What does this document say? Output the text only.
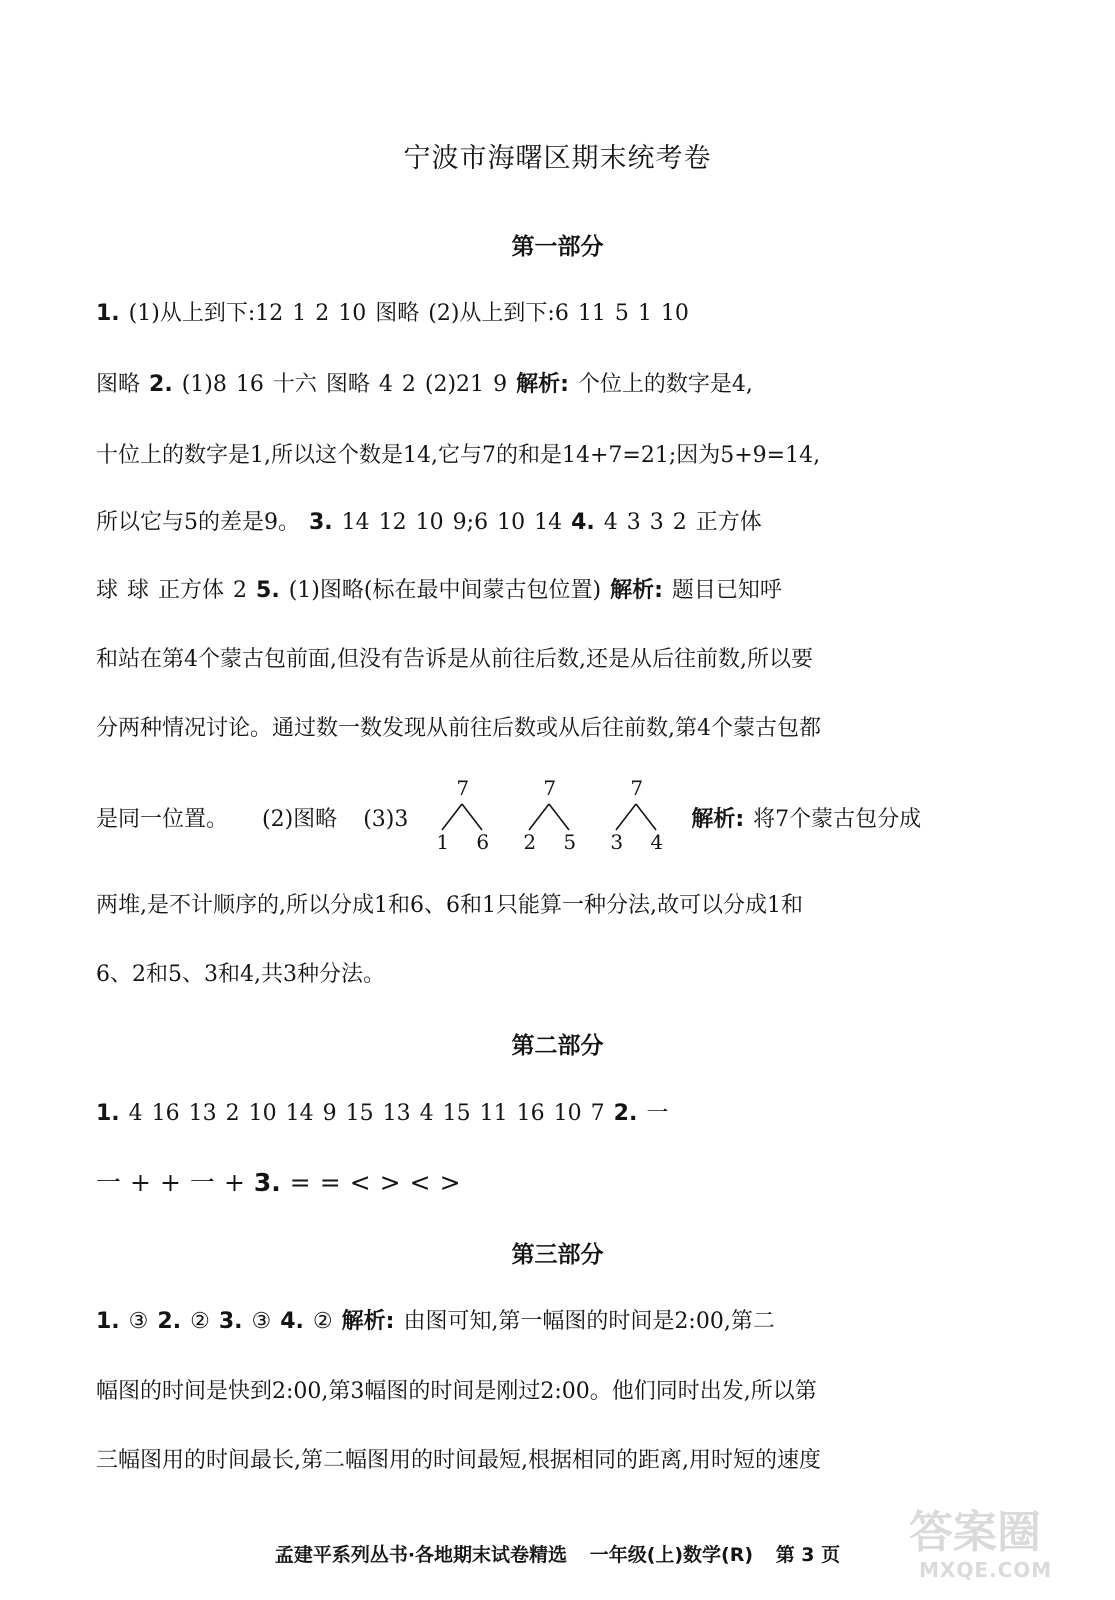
宁波市海曙区期末统考卷
第一部分
1. (1)从上到下:12 1 2 10 图略 (2)从上到下:6 11 5 1 10
图略 2. (1)8 16 十六 图略 4 2 (2)21 9 解析: 个位上的数字是4,
十位上的数字是1,所以这个数是14,它与7的和是14+7=21;因为5+9=14,
所以它与5的差是9。 3. 14 12 10 9;6 10 14 4. 4 3 3 2 正方体
球 球 正方体 2 5. (1)图略(标在最中间蒙古包位置) 解析: 题目已知呼
和站在第4个蒙古包前面,但没有告诉是从前往后数,还是从后往前数,所以要
分两种情况讨论。通过数一数发现从前往后数或从后往前数,第4个蒙古包都
是同一位置。 (2)图略 (3)3
7
1 6

7
2 5

7
3 4
解析: 将7个蒙古包分成
两堆,是不计顺序的,所以分成1和6、6和1只能算一种分法,故可以分成1和
6、2和5、3和4,共3种分法。
第二部分
1. 4 16 13 2 10 14 9 15 13 4 15 11 16 10 7 2. 一
一 + + 一 + 3. = = < > < >
第三部分
1. ③ 2. ② 3. ③ 4. ② 解析: 由图可知,第一幅图的时间是2:00,第二
幅图的时间是快到2:00,第3幅图的时间是刚过2:00。他们同时出发,所以第
三幅图用的时间最长,第二幅图用的时间最短,根据相同的距离,用时短的速度
孟建平系列丛书·各地期末试卷精选 一年级(上)数学(R) 第 3 页	答案圈
MXQE.COM
